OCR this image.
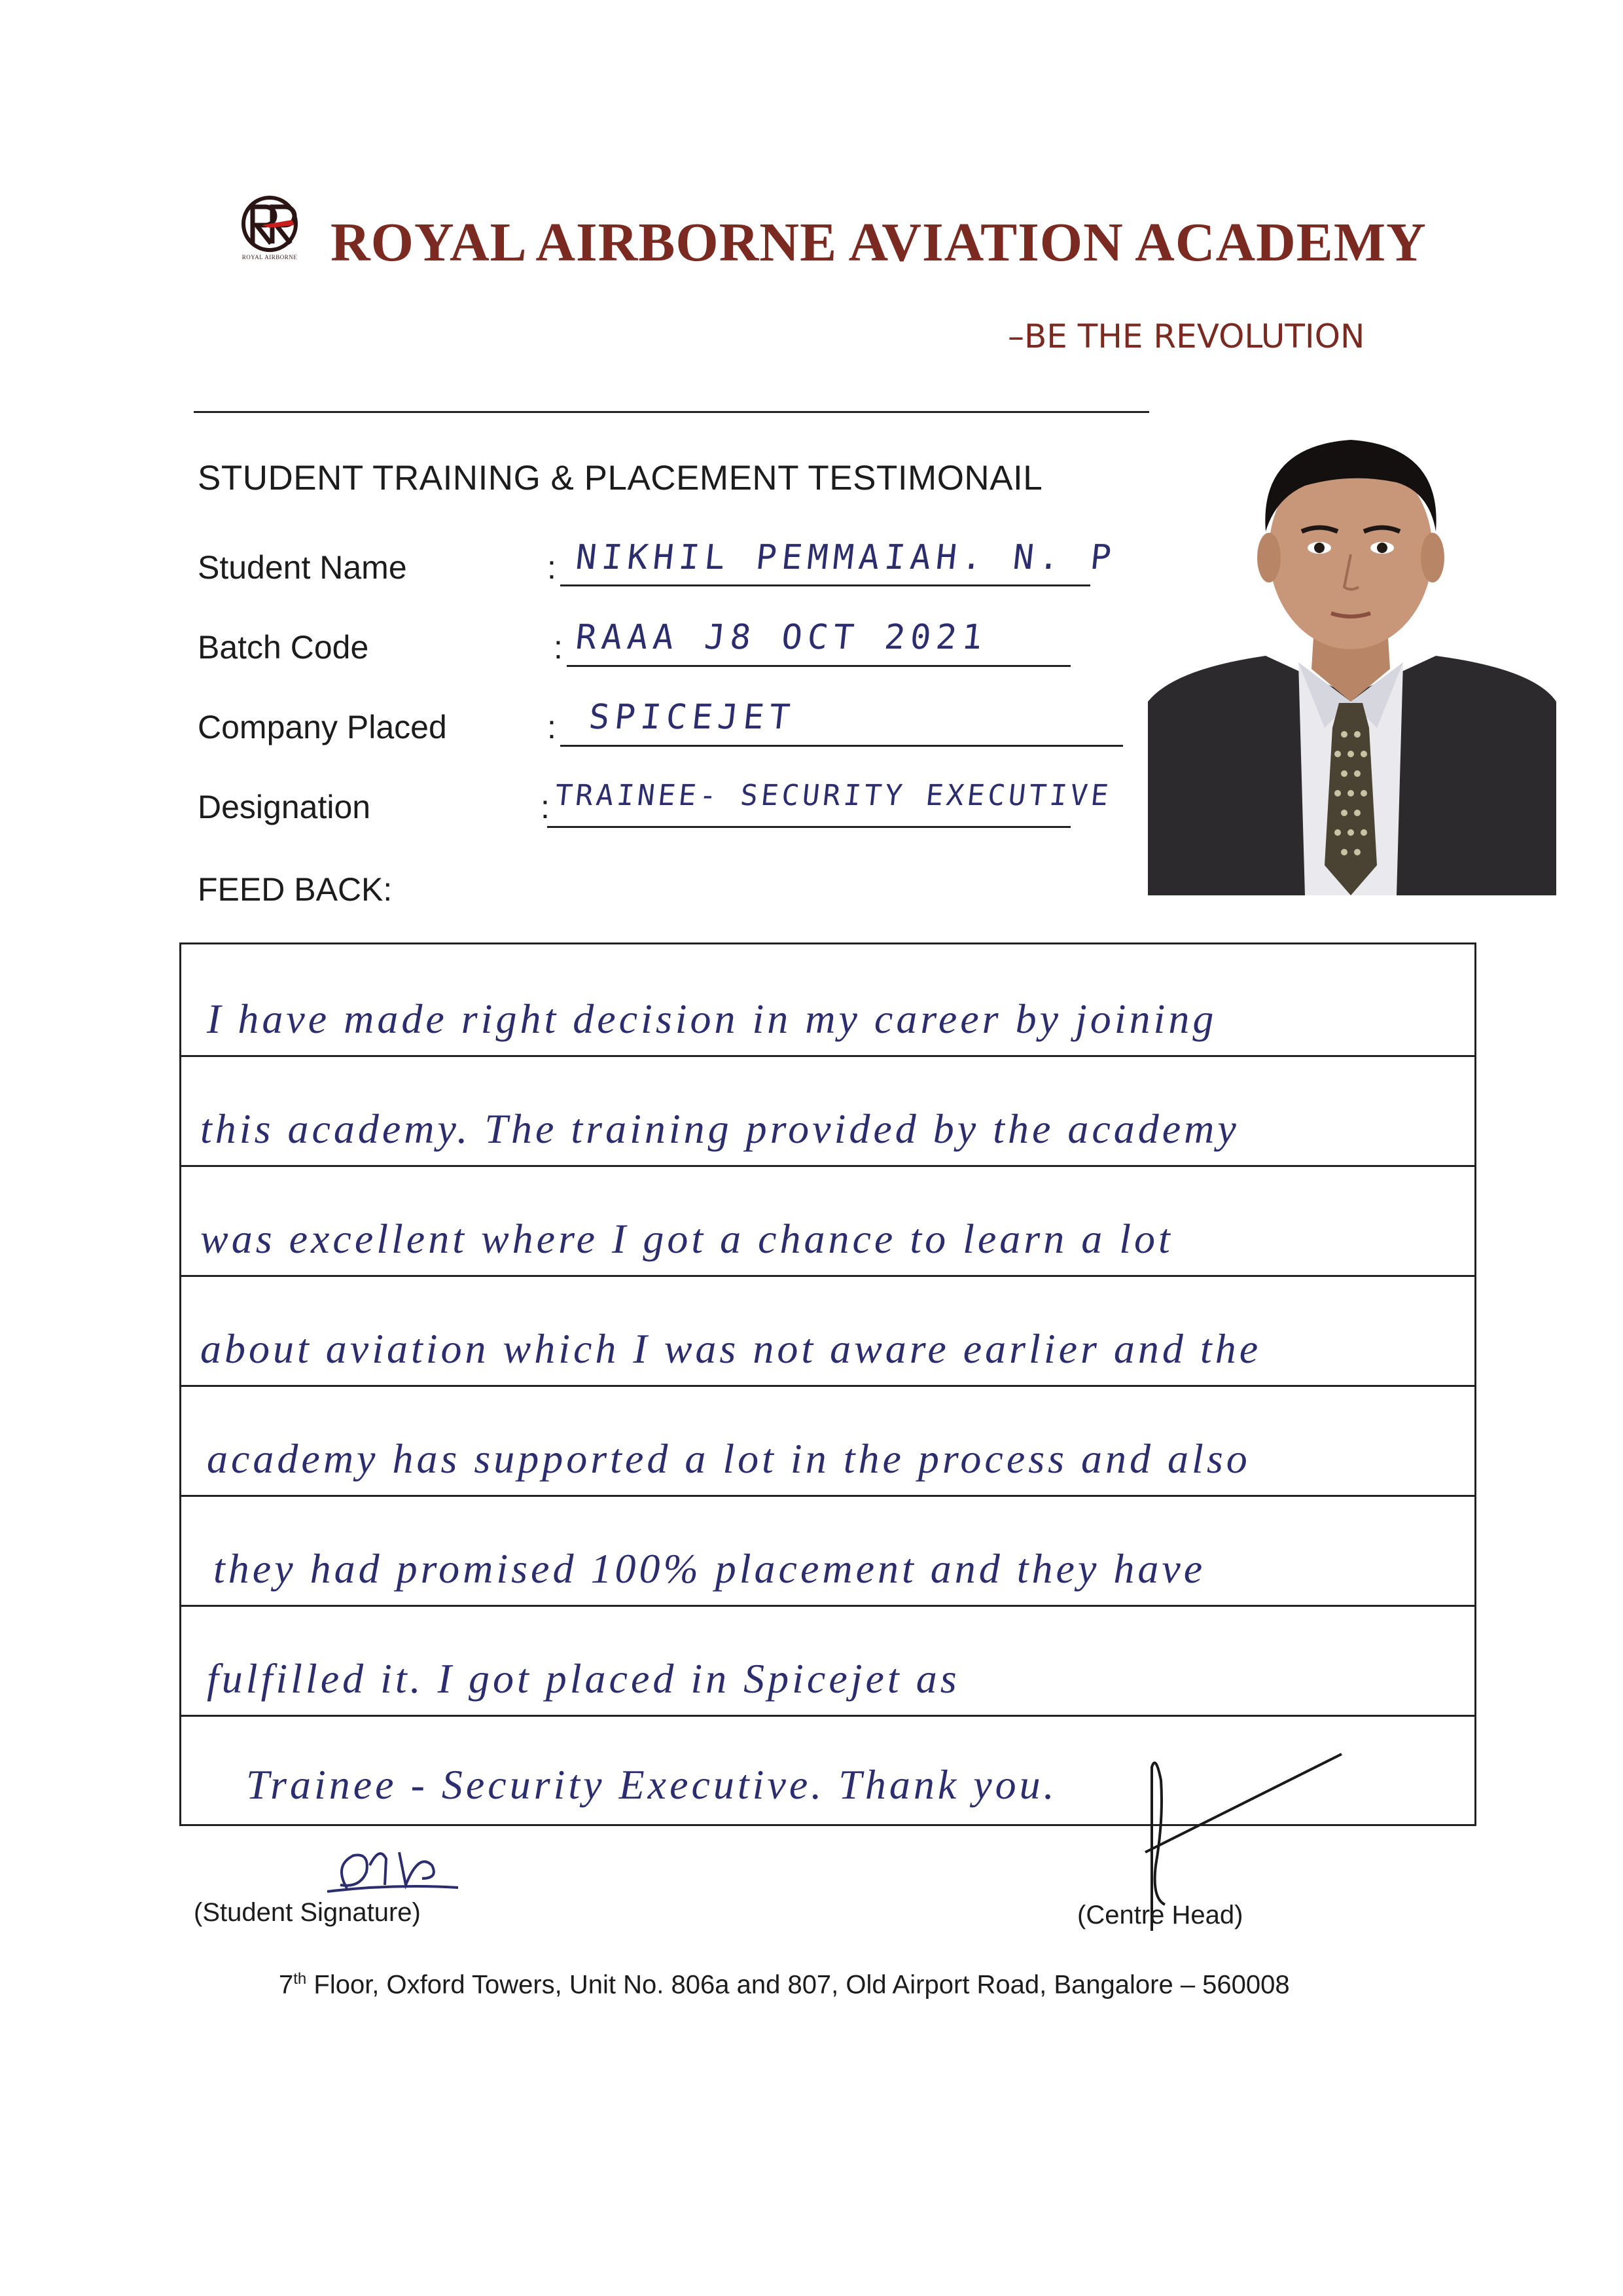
ROYAL AIRBORNE ROYAL AIRBORNE AVIATION ACADEMY
–BE THE REVOLUTION
STUDENT TRAINING & PLACEMENT TESTIMONAIL
Student Name	: NIKHIL PEMMAIAH. N. P
Batch Code	: RAAA J8 OCT 2021
Company Placed	: SPICEJET
Designation	: TRAINEE- SECURITY EXECUTIVE
FEED BACK:
I have made right decision in my career by joining
this academy. The training provided by the academy
was excellent where I got a chance to learn a lot
about aviation which I was not aware earlier and the
academy has supported a lot in the process and also
they had promised 100% placement and they have
fulfilled it. I got placed in Spicejet as
Trainee - Security Executive. Thank you.
(Student Signature)	(Centre Head)
7th Floor, Oxford Towers, Unit No. 806a and 807, Old Airport Road, Bangalore – 560008
